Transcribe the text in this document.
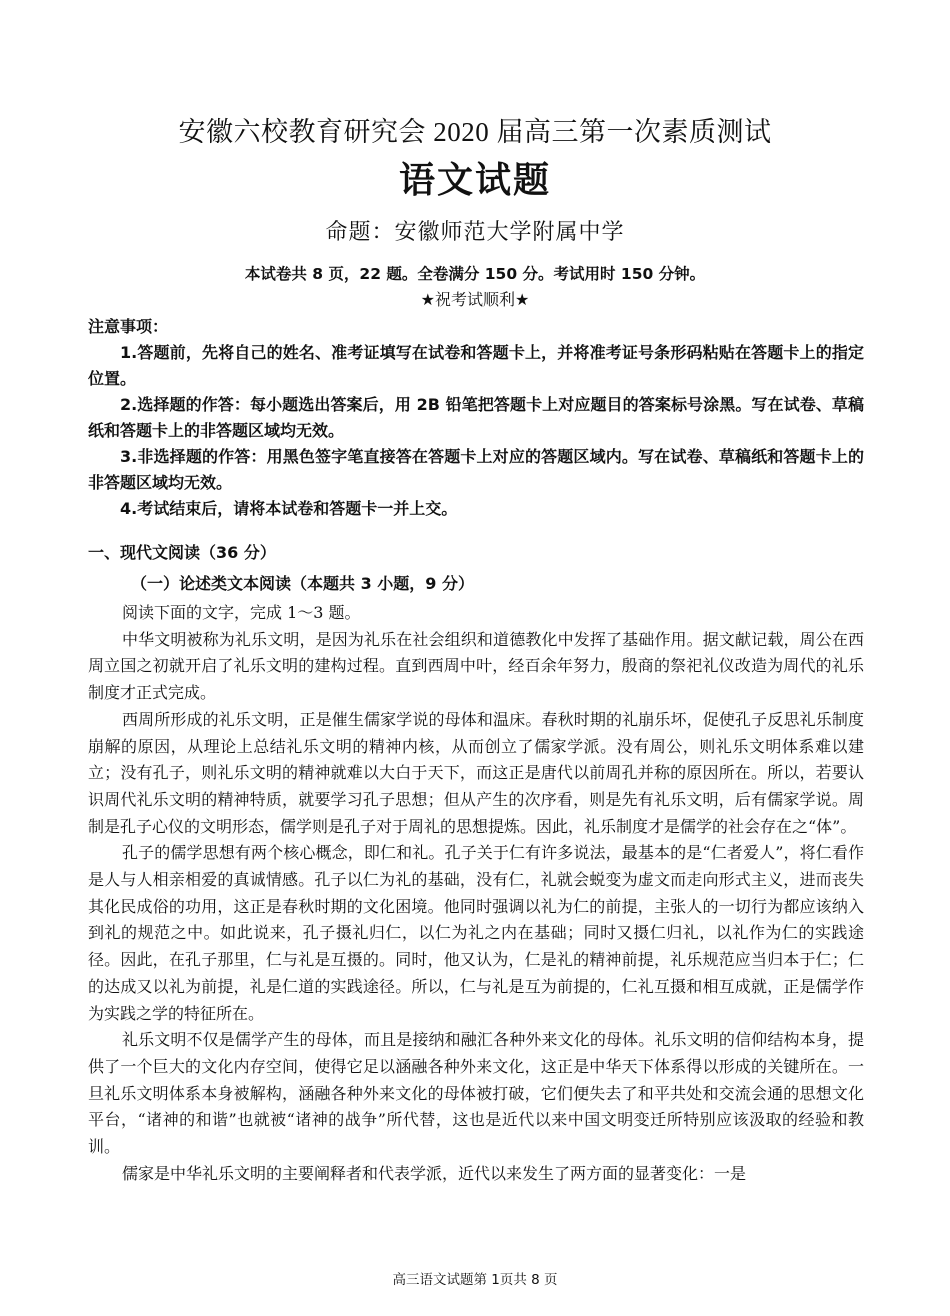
安徽六校教育研究会 2020 届高三第一次素质测试
语文试题
命题：安徽师范大学附属中学
本试卷共 8 页，22 题。全卷满分 150 分。考试用时 150 分钟。
★祝考试顺利★

注意事项：

1.答题前，先将自己的姓名、准考证填写在试卷和答题卡上，并将准考证号条形码粘贴在答题卡上的指定位置。

2.选择题的作答：每小题选出答案后，用 2B 铅笔把答题卡上对应题目的答案标号涂黑。写在试卷、草稿纸和答题卡上的非答题区域均无效。

3.非选择题的作答：用黑色签字笔直接答在答题卡上对应的答题区域内。写在试卷、草稿纸和答题卡上的非答题区域均无效。

4.考试结束后，请将本试卷和答题卡一并上交。

一、现代文阅读（36 分）
（一）论述类文本阅读（本题共 3 小题，9 分）

阅读下面的文字，完成 1～3 题。

中华文明被称为礼乐文明，是因为礼乐在社会组织和道德教化中发挥了基础作用。据文献记载，周公在西周立国之初就开启了礼乐文明的建构过程。直到西周中叶，经百余年努力，殷商的祭祀礼仪改造为周代的礼乐制度才正式完成。

西周所形成的礼乐文明，正是催生儒家学说的母体和温床。春秋时期的礼崩乐坏，促使孔子反思礼乐制度崩解的原因，从理论上总结礼乐文明的精神内核，从而创立了儒家学派。没有周公，则礼乐文明体系难以建立；没有孔子，则礼乐文明的精神就难以大白于天下，而这正是唐代以前周孔并称的原因所在。所以，若要认识周代礼乐文明的精神特质，就要学习孔子思想；但从产生的次序看，则是先有礼乐文明，后有儒家学说。周制是孔子心仪的文明形态，儒学则是孔子对于周礼的思想提炼。因此，礼乐制度才是儒学的社会存在之“体”。

孔子的儒学思想有两个核心概念，即仁和礼。孔子关于仁有许多说法，最基本的是“仁者爱人”，将仁看作是人与人相亲相爱的真诚情感。孔子以仁为礼的基础，没有仁，礼就会蜕变为虚文而走向形式主义，进而丧失其化民成俗的功用，这正是春秋时期的文化困境。他同时强调以礼为仁的前提，主张人的一切行为都应该纳入到礼的规范之中。如此说来，孔子摄礼归仁，以仁为礼之内在基础；同时又摄仁归礼，以礼作为仁的实践途径。因此，在孔子那里，仁与礼是互摄的。同时，他又认为，仁是礼的精神前提，礼乐规范应当归本于仁；仁的达成又以礼为前提，礼是仁道的实践途径。所以，仁与礼是互为前提的，仁礼互摄和相互成就，正是儒学作为实践之学的特征所在。

礼乐文明不仅是儒学产生的母体，而且是接纳和融汇各种外来文化的母体。礼乐文明的信仰结构本身，提供了一个巨大的文化内存空间，使得它足以涵融各种外来文化，这正是中华天下体系得以形成的关键所在。一旦礼乐文明体系本身被解构，涵融各种外来文化的母体被打破，它们便失去了和平共处和交流会通的思想文化平台，“诸神的和谐”也就被“诸神的战争”所代替，这也是近代以来中国文明变迁所特别应该汲取的经验和教训。

儒家是中华礼乐文明的主要阐释者和代表学派，近代以来发生了两方面的显著变化：一是

高三语文试题第 1页共 8 页
